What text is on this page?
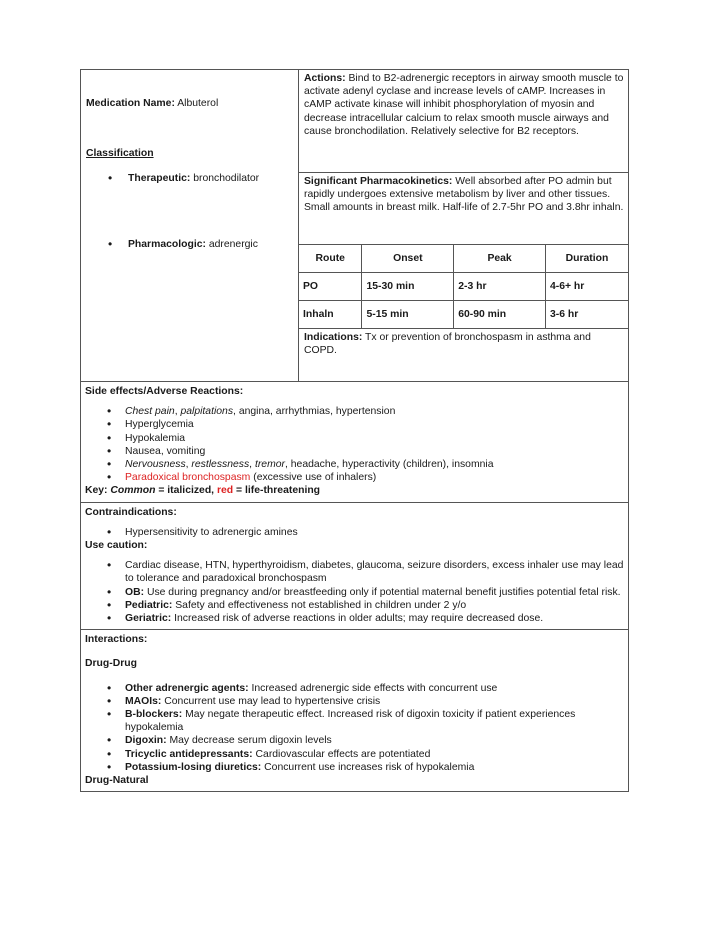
Medication Name: Albuterol
Classification
• Therapeutic: bronchodilator
• Pharmacologic: adrenergic
Actions: Bind to B2-adrenergic receptors in airway smooth muscle to activate adenyl cyclase and increase levels of cAMP. Increases in cAMP activate kinase will inhibit phosphorylation of myosin and decrease intracellular calcium to relax smooth muscle airways and cause bronchodilation. Relatively selective for B2 receptors.
Significant Pharmacokinetics: Well absorbed after PO admin but rapidly undergoes extensive metabolism by liver and other tissues. Small amounts in breast milk. Half-life of 2.7-5hr PO and 3.8hr inhaln.
Route	Onset	Peak	Duration
PO	15-30 min	2-3 hr	4-6+ hr
Inhaln	5-15 min	60-90 min	3-6 hr
Indications: Tx or prevention of bronchospasm in asthma and COPD.
Side effects/Adverse Reactions:
• Chest pain, palpitations, angina, arrhythmias, hypertension
• Hyperglycemia
• Hypokalemia
• Nausea, vomiting
• Nervousness, restlessness, tremor, headache, hyperactivity (children), insomnia
• Paradoxical bronchospasm (excessive use of inhalers)
Key: Common = italicized, red = life-threatening
Contraindications:
• Hypersensitivity to adrenergic amines
Use caution:
• Cardiac disease, HTN, hyperthyroidism, diabetes, glaucoma, seizure disorders, excess inhaler use may lead to tolerance and paradoxical bronchospasm
• OB: Use during pregnancy and/or breastfeeding only if potential maternal benefit justifies potential fetal risk.
• Pediatric: Safety and effectiveness not established in children under 2 y/o
• Geriatric: Increased risk of adverse reactions in older adults; may require decreased dose.
Interactions:
Drug-Drug
• Other adrenergic agents: Increased adrenergic side effects with concurrent use
• MAOIs: Concurrent use may lead to hypertensive crisis
• B-blockers: May negate therapeutic effect. Increased risk of digoxin toxicity if patient experiences hypokalemia
• Digoxin: May decrease serum digoxin levels
• Tricyclic antidepressants: Cardiovascular effects are potentiated
• Potassium-losing diuretics: Concurrent use increases risk of hypokalemia
Drug-Natural
